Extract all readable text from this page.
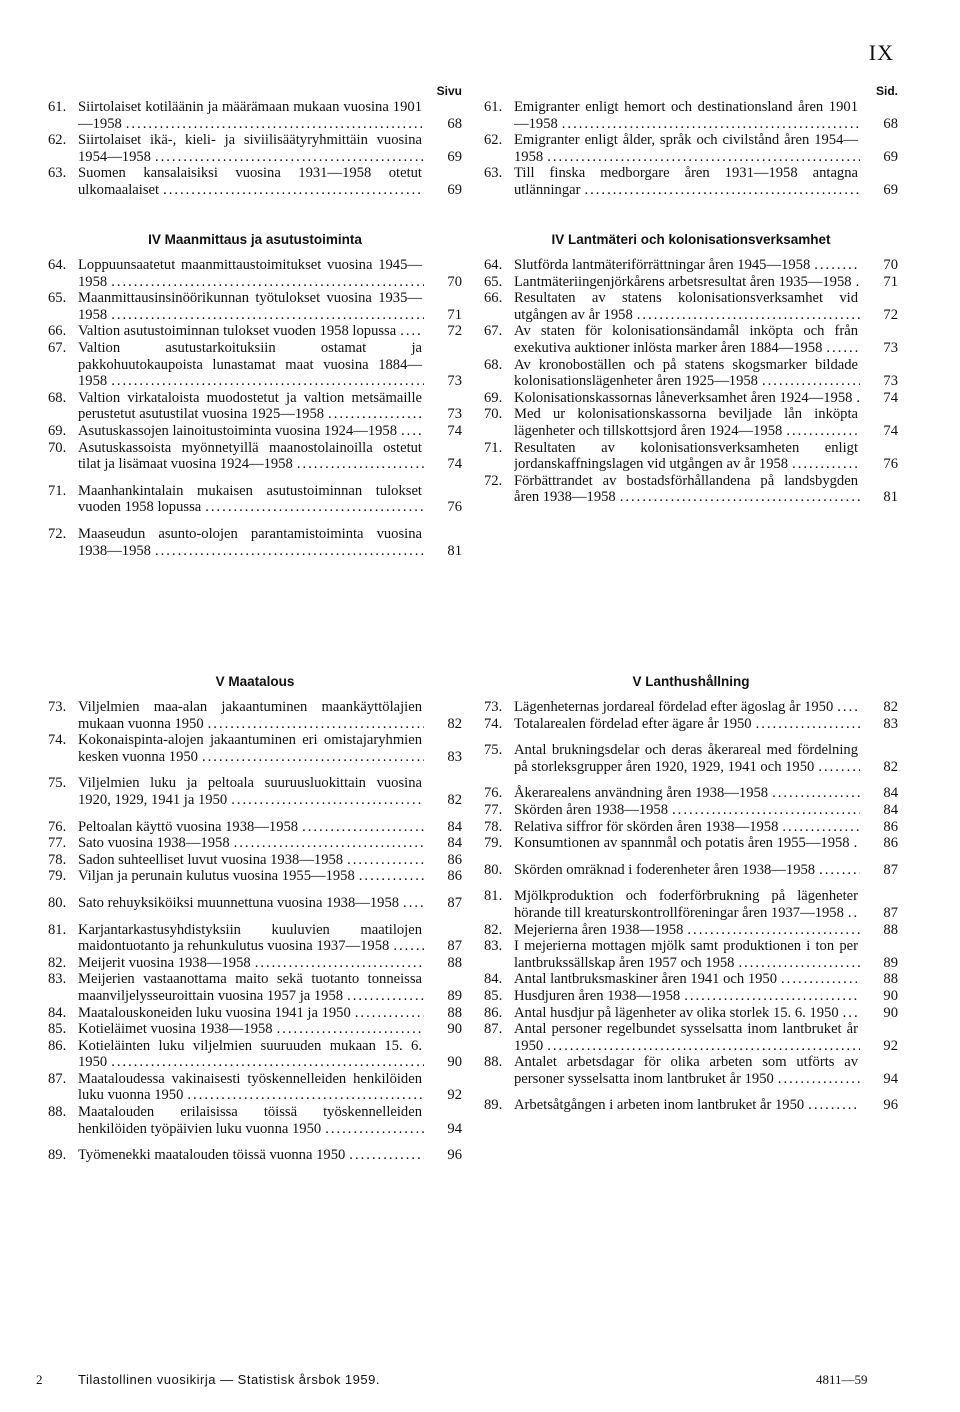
IX
Sivu
61. Siirtolaiset kotiläänin ja määrämaan mukaan vuosina 1901—1958 .....	68
62. Siirtolaiset ikä-, kieli- ja siviilisäätyryhmittäin vuosina 1954—1958 .....	69
63. Suomen kansalaisiksi vuosina 1931—1958 otetut ulkomaalaiset .....	69
IV Maanmittaus ja asutustoiminta
64. Loppuunsaatetut maanmittaustoimitukset vuosina 1945—1958 .....	70
65. Maanmittausinsinöörikunnan työtulokset vuosina 1935—1958 .....	71
66. Valtion asutustoiminnan tulokset vuoden 1958 lopussa .....	72
67. Valtion asutustarkoituksiin ostamat ja pakkohuutokaupoista lunastamat maat vuosina 1884—1958 .....	73
68. Valtion virkataloista muodostetut ja valtion metsämaille perustetut asutustilat vuosina 1925—1958 .....	73
69. Asutuskassojen lainoitustoiminta vuosina 1924—1958 .....	74
70. Asutuskassoista myönnetyillä maanostolainoilla ostetut tilat ja lisämaat vuosina 1924—1958 .....	74
71. Maanhankintalain mukaisen asutustoiminnan tulokset vuoden 1958 lopussa .....	76
72. Maaseudun asunto-olojen parantamistoiminta vuosina 1938—1958 .....	81
V Maatalous
73. Viljelmien maa-alan jakaantuminen maankäyttölajien mukaan vuonna 1950 .....	82
74. Kokonaispinta-alojen jakaantuminen eri omistajaryhmien kesken vuonna 1950 .....	83
75. Viljelmien luku ja peltoala suuruusluokittain vuosina 1920, 1929, 1941 ja 1950 .....	82
76. Peltoalan käyttö vuosina 1938—1958 .....	84
77. Sato vuosina 1938—1958 .....	84
78. Sadon suhteelliset luvut vuosina 1938—1958 .....	86
79. Viljan ja perunain kulutus vuosina 1955—1958 .....	86
80. Sato rehuyksiköiksi muunnettuna vuosina 1938—1958 .....	87
81. Karjantarkastusyhdistyksiin kuuluvien maatilojen maidontuotanto ja rehunkulutus vuosina 1937—1958 .....	87
82. Meijerit vuosina 1938—1958 .....	88
83. Meijerien vastaanottama maito sekä tuotanto tonneissa maanviljelysseuroittain vuosina 1957 ja 1958 .....	89
84. Maatalouskoneiden luku vuosina 1941 ja 1950 .....	88
85. Kotieläimet vuosina 1938—1958 .....	90
86. Kotieläinten luku viljelmien suuruuden mukaan 15. 6. 1950 .....	90
87. Maataloudessa vakinaisesti työskennelleiden henkilöiden luku vuonna 1950 .....	92
88. Maatalouden erilaisissa töissä työskennelleiden henkilöiden työpäivien luku vuonna 1950 .....	94
89. Työmenekki maatalouden töissä vuonna 1950 .....	96
Sid.
61. Emigranter enligt hemort och destinationsland åren 1901—1958 .....	68
62. Emigranter enligt ålder, språk och civilstånd åren 1954—1958 .....	69
63. Till finska medborgare åren 1931—1958 antagna utlänningar .....	69
IV Lantmäteri och kolonisationsverksamhet
64. Slutförda lantmäteriförrättningar åren 1945—1958 .....	70
65. Lantmäteriingenjörkårens arbetsresultat åren 1935—1958 .....	71
66. Resultaten av statens kolonisationsverksamhet vid utgången av år 1958 .....	72
67. Av staten för kolonisationsändamål inköpta och från exekutiva auktioner inlösta marker åren 1884—1958 .....	73
68. Av kronoboställen och på statens skogsmarker bildade kolonisationslägenheter åren 1925—1958 .....	73
69. Kolonisationskassornas låneverksamhet åren 1924—1958 .....	74
70. Med ur kolonisationskassorna beviljade lån inköpta lägenheter och tillskottsjord åren 1924—1958 .....	74
71. Resultaten av kolonisationsverksamheten enligt jordanskaffningslagen vid utgången av år 1958 .....	76
72. Förbättrandet av bostadsförhållandena på landsbygden åren 1938—1958 .....	81
V Lanthushållning
73. Lägenheternas jordareal fördelad efter ägoslag år 1950 .....	82
74. Totalarealen fördelad efter ägare år 1950 .....	83
75. Antal brukningsdelar och deras åkerareal med fördelning på storleksgrupper åren 1920, 1929, 1941 och 1950 .....	82
76. Åkerarealens användning åren 1938—1958 .....	84
77. Skörden åren 1938—1958 .....	84
78. Relativa siffror för skörden åren 1938—1958 .....	86
79. Konsumtionen av spannmål och potatis åren 1955—1958 .....	86
80. Skörden omräknad i foderenheter åren 1938—1958 .....	87
81. Mjölkproduktion och foderförbrukning på lägenheter hörande till kreaturskontrollföreningar åren 1937—1958 .....	87
82. Mejerierna åren 1938—1958 .....	88
83. I mejerierna mottagen mjölk samt produktionen i ton per lantbrukssällskap åren 1957 och 1958 .....	89
84. Antal lantbruksmaskiner åren 1941 och 1950 .....	88
85. Husdjuren åren 1938—1958 .....	90
86. Antal husdjur på lägenheter av olika storlek 15. 6. 1950 .....	90
87. Antal personer regelbundet sysselsatta inom lantbruket år 1950 .....	92
88. Antalet arbetsdagar för olika arbeten som utförts av personer sysselsatta inom lantbruket år 1950 .....	94
89. Arbetsåtgången i arbeten inom lantbruket år 1950 .....	96
2	Tilastollinen vuosikirja — Statistisk årsbok 1959.	4811—59
